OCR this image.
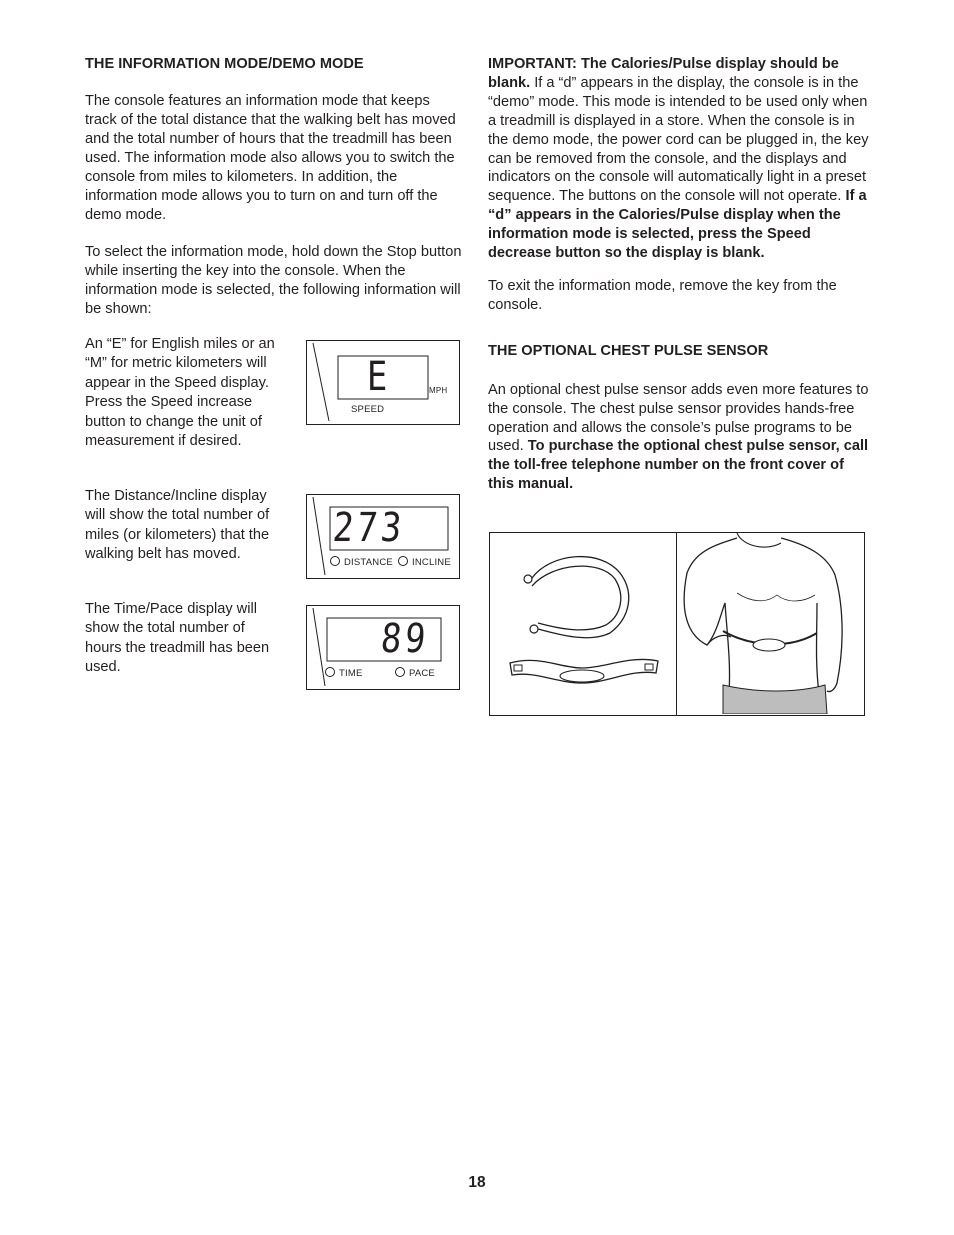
THE INFORMATION MODE/DEMO MODE

The console features an information mode that keeps track of the total distance that the walking belt has moved and the total number of hours that the treadmill has been used. The information mode also allows you to switch the console from miles to kilometers. In addition, the information mode allows you to turn on and turn off the demo mode.

To select the information mode, hold down the Stop button while inserting the key into the console. When the information mode is selected, the following information will be shown:

An “E” for English miles or an “M” for metric kilometers will appear in the Speed display. Press the Speed increase button to change the unit of measurement if desired.
The Distance/Incline display will show the total number of miles (or kilometers) that the walking belt has moved.
The Time/Pace display will show the total number of hours the treadmill has been used.
E	MPH
SPEED
273
DISTANCE	INCLINE
89
TIME	PACE

IMPORTANT: The Calories/Pulse display should be blank. If a “d” appears in the display, the console is in the “demo” mode. This mode is intended to be used only when a treadmill is displayed in a store. When the console is in the demo mode, the power cord can be plugged in, the key can be removed from the console, and the displays and indicators on the console will automatically light in a preset sequence. The buttons on the console will not operate. If a “d” appears in the Calories/Pulse display when the information mode is selected, press the Speed decrease button so the display is blank.

To exit the information mode, remove the key from the console.

THE OPTIONAL CHEST PULSE SENSOR

An optional chest pulse sensor adds even more features to the console. The chest pulse sensor provides hands-free operation and allows the console’s pulse programs to be used. To purchase the optional chest pulse sensor, call the toll-free telephone number on the front cover of this manual.

18
